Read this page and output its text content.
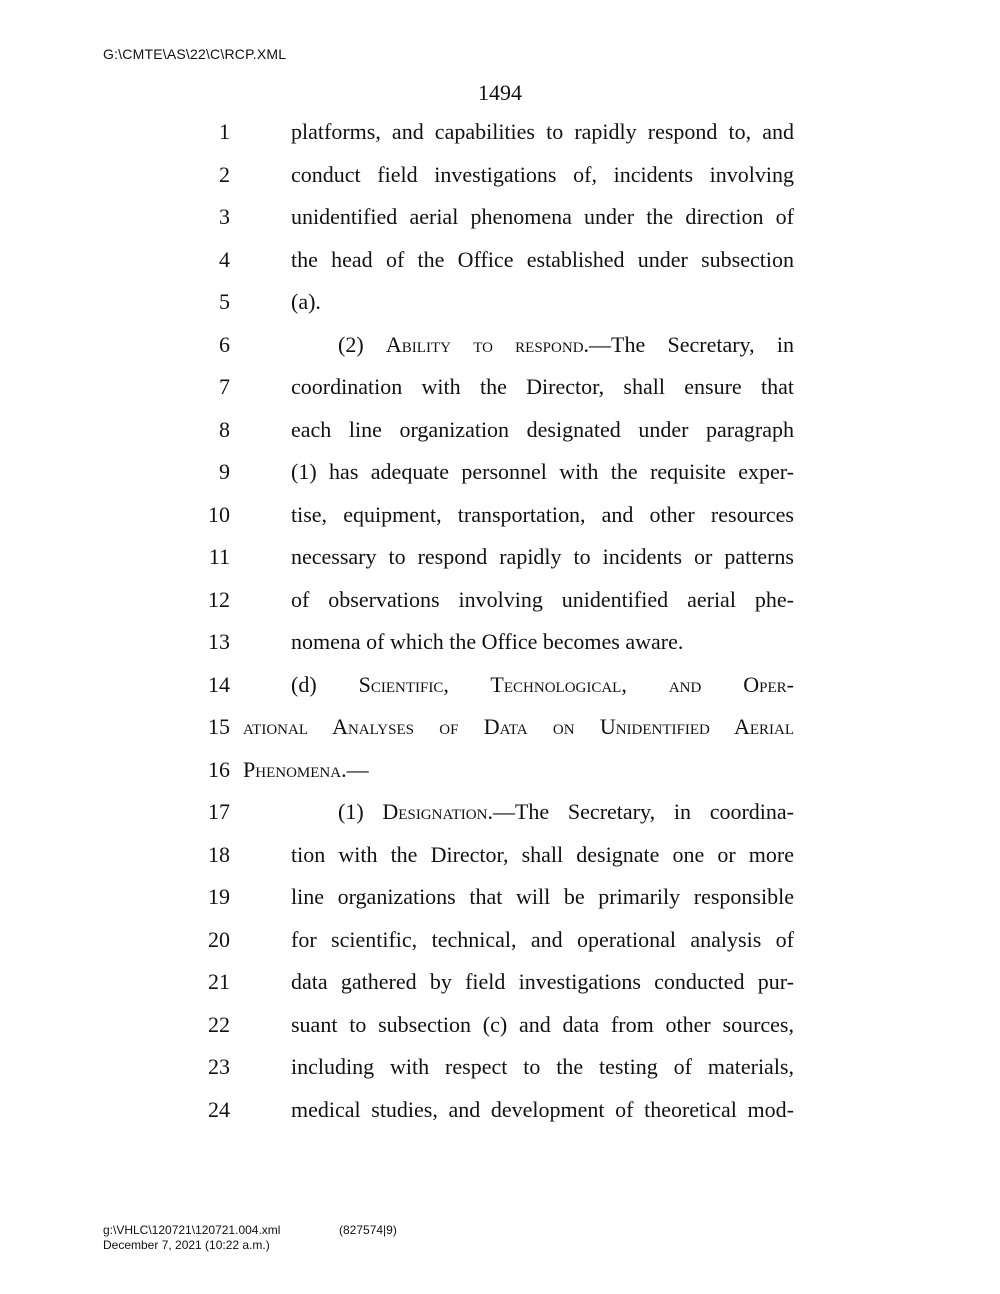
G:\CMTE\AS\22\C\RCP.XML
1494
1	platforms, and capabilities to rapidly respond to, and
2	conduct field investigations of, incidents involving
3	unidentified aerial phenomena under the direction of
4	the head of the Office established under subsection
5	(a).
6	(2) Ability to respond.—The Secretary, in
7	coordination with the Director, shall ensure that
8	each line organization designated under paragraph
9	(1) has adequate personnel with the requisite exper-
10	tise, equipment, transportation, and other resources
11	necessary to respond rapidly to incidents or patterns
12	of observations involving unidentified aerial phe-
13	nomena of which the Office becomes aware.
14	(d) Scientific, Technological, and Oper-
15 ational Analyses of Data on Unidentified Aerial
16 Phenomena.—
17	(1) Designation.—The Secretary, in coordina-
18	tion with the Director, shall designate one or more
19	line organizations that will be primarily responsible
20	for scientific, technical, and operational analysis of
21	data gathered by field investigations conducted pur-
22	suant to subsection (c) and data from other sources,
23	including with respect to the testing of materials,
24	medical studies, and development of theoretical mod-
g:\VHLC\120721\120721.004.xml	(827574|9)
December 7, 2021 (10:22 a.m.)
